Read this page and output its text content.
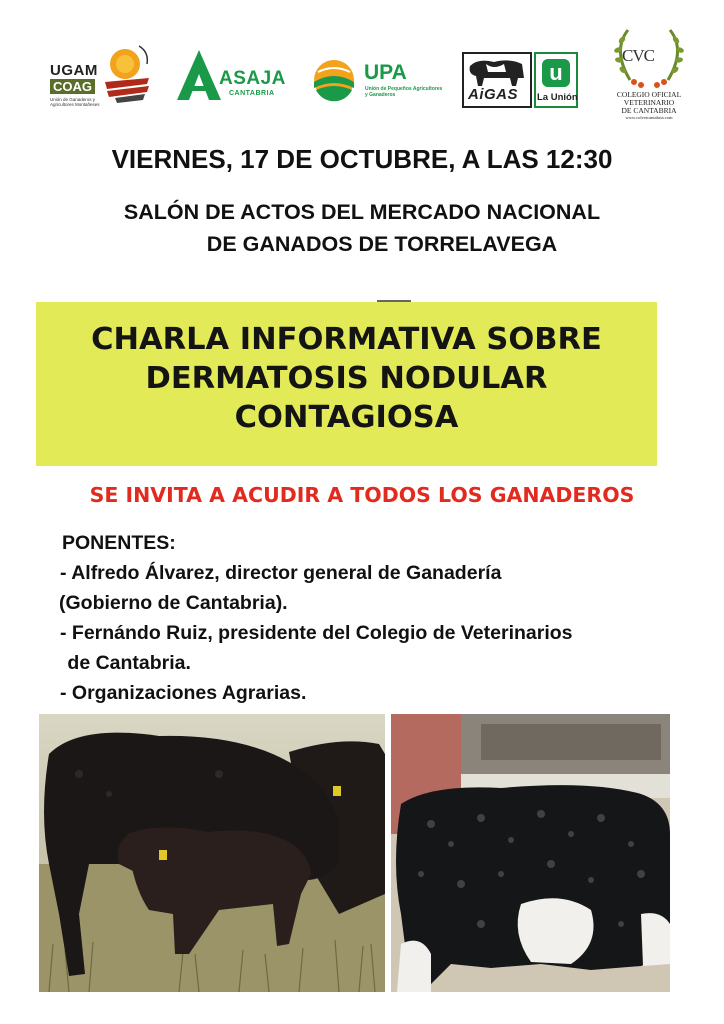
UGAM
COAG
Unión de Ganaderos y Agricultores Montañeses
ASAJA
CANTABRIA
UPA
Unión de Pequeños Agricultores y Ganaderos	AiGAS
u
La Unión
CVC
COLEGIO OFICIAL
VETERINARIO
DE CANTABRIA
www.colvetcantabria.com
VIERNES, 17 DE OCTUBRE, A LAS 12:30
SALÓN DE ACTOS DEL MERCADO NACIONAL
DE GANADOS DE TORRELAVEGA
CHARLA INFORMATIVA SOBRE
DERMATOSIS NODULAR
CONTAGIOSA
SE INVITA A ACUDIR A TODOS LOS GANADEROS
PONENTES:
- Alfredo Álvarez, director general de Ganadería
(Gobierno de Cantabria).
- Fernándo Ruiz, presidente del Colegio de Veterinarios
de Cantabria.
- Organizaciones Agrarias.
